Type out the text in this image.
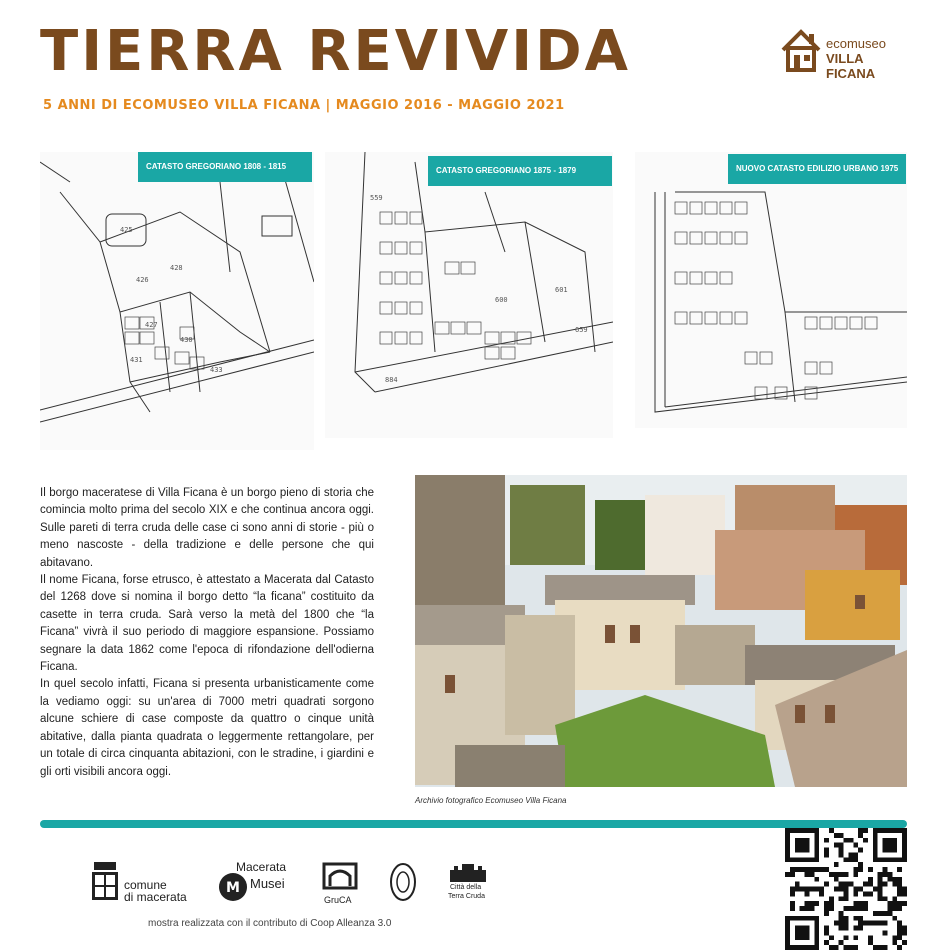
TIERRA REVIVIDA
5 ANNI DI ECOMUSEO VILLA FICANA | MAGGIO 2016 - MAGGIO 2021
ecomuseo
VILLA FICANA
425
426
427
430
431
433
428
CATASTO GREGORIANO 1808 - 1815
559
600
601
884
659
CATASTO GREGORIANO 1875 - 1879	NUOVO CATASTO EDILIZIO URBANO 1975

Il borgo maceratese di Villa Ficana è un borgo pieno di storia che comincia molto prima del secolo XIX e che continua ancora oggi. Sulle pareti di terra cruda delle case ci sono anni di storie - più o meno nascoste - della tradizione e delle persone che qui abitavano.

Il nome Ficana, forse etrusco, è attestato a Macerata dal Catasto del 1268 dove si nomina il borgo detto “la ficana” costituito da casette in terra cruda. Sarà verso la metà del 1800 che “la Ficana” vivrà il suo periodo di maggiore espansione. Possiamo segnare la data 1862 come l'epoca di rifondazione dell'odierna Ficana.

In quel secolo infatti, Ficana si presenta urbanisticamente come la vediamo oggi: su un'area di 7000 metri quadrati sorgono alcune schiere di case composte da quattro o cinque unità abitative, dalla pianta quadrata o leggermente rettangolare, per un totale di circa cinquanta abitazioni, con le stradine, i giardini e gli orti visibili ancora oggi.

Archivio fotografico Ecomuseo Villa Ficana
comune
di macerata
M
Macerata
Musei
GruCA
Città della
Terra Cruda
mostra realizzata con il contributo di Coop Alleanza 3.0
